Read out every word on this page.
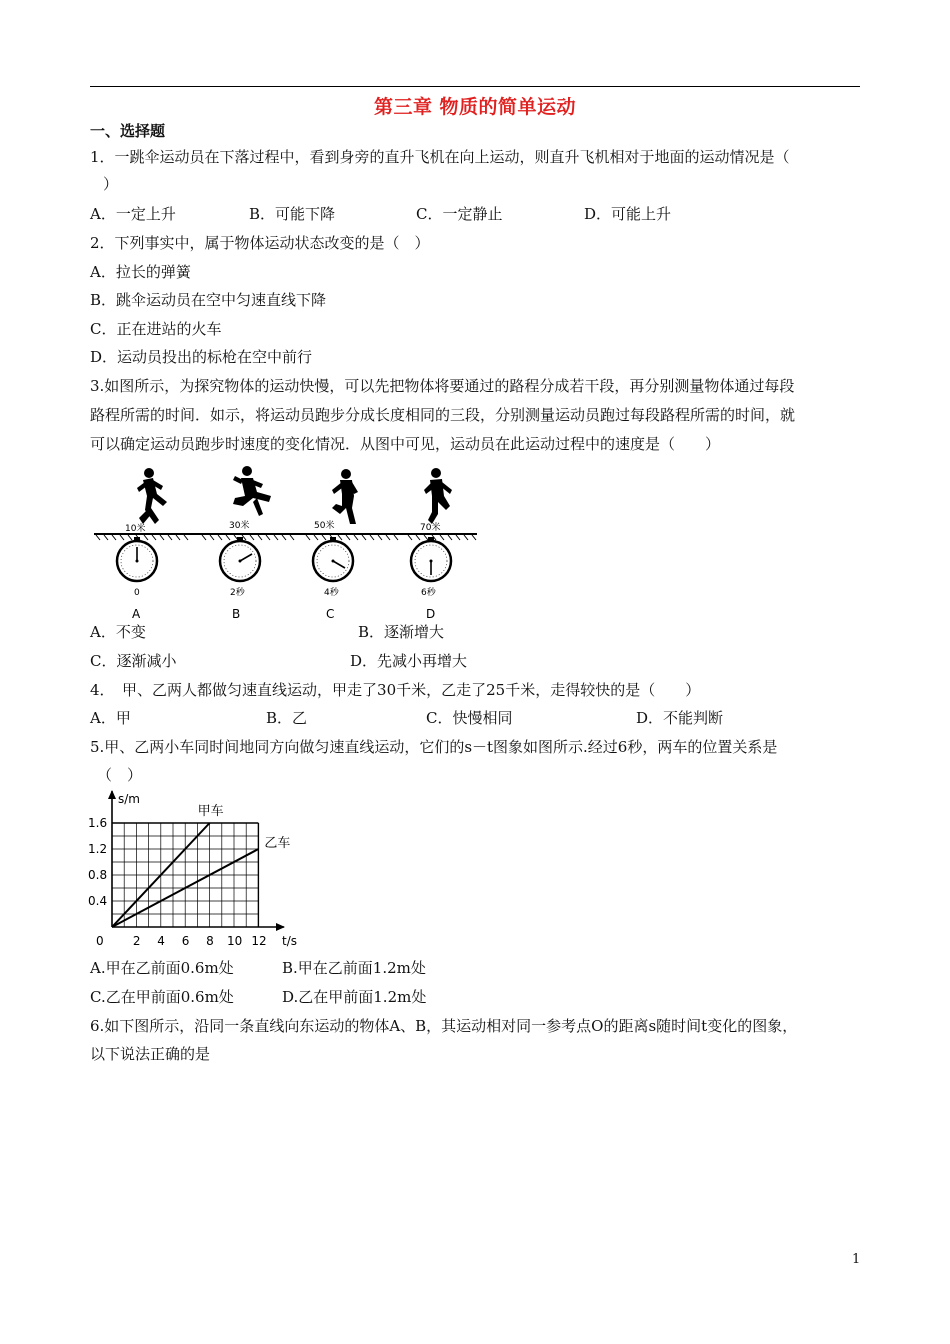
第三章 物质的简单运动
一、选择题
1．一跳伞运动员在下落过程中，看到身旁的直升飞机在向上运动，则直升飞机相对于地面的运动情况是（
）
A．一定上升	B．可能下降	C．一定静止	D．可能上升
2．下列事实中，属于物体运动状态改变的是（　）
A．拉长的弹簧
B．跳伞运动员在空中匀速直线下降
C．正在进站的火车
D．运动员投出的标枪在空中前行
3.如图所示，为探究物体的运动快慢，可以先把物体将要通过的路程分成若干段，再分别测量物体通过每段
路程所需的时间．如示，将运动员跑步分成长度相同的三段，分别测量运动员跑过每段路程所需的时间，就
可以确定运动员跑步时速度的变化情况．从图中可见，运动员在此运动过程中的速度是（　　）
10米	30米	50米	70米
0	2秒	4秒	6秒
A	B	C	D
A．不变	B．逐渐增大
C．逐渐减小	D．先减小再增大
4．　甲、乙两人都做匀速直线运动，甲走了30千米，乙走了25千米，走得较快的是（　　）
A．甲	B．乙	C．快慢相同	D．不能判断
5.甲、乙两小车同时间地同方向做匀速直线运动，它们的s－t图象如图所示.经过6秒，两车的位置关系是
（　）
甲车
乙车
1.6
1.2
0.8
0.4
0 2 4 6 8 10 12
s/m
t/s
A.甲在乙前面0.6m处	B.甲在乙前面1.2m处
C.乙在甲前面0.6m处	D.乙在甲前面1.2m处
6.如下图所示，沿同一条直线向东运动的物体A、B，其运动相对同一参考点O的距离s随时间t变化的图象，
以下说法正确的是
1
